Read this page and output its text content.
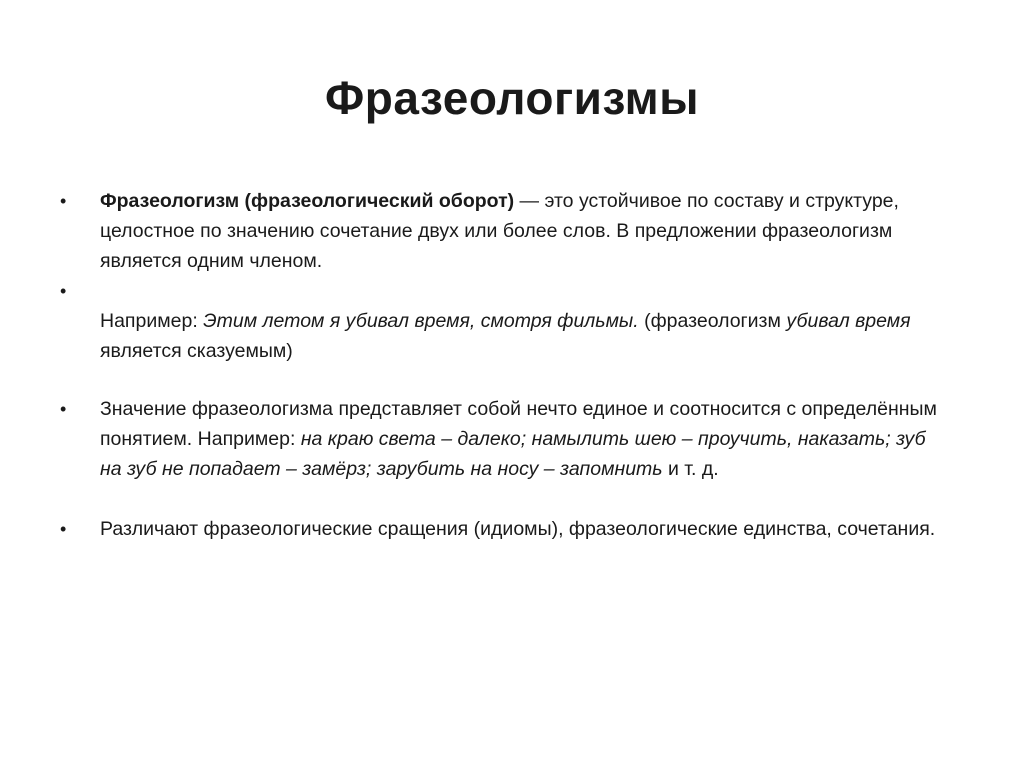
Фразеологизмы
•	Фразеологизм (фразеологический оборот) — это устойчивое по составу и структуре, целостное по значению сочетание двух или более слов. В предложении фразеологизм является одним членом.
•
Например: Этим летом я убивал время, смотря фильмы. (фразеологизм убивал время является сказуемым)
•	Значение фразеологизма представляет собой нечто единое и соотносится с определённым понятием. Например: на краю света – далеко; намылить шею – проучить, наказать; зуб на зуб не попадает – замёрз; зарубить на носу – запомнить и т. д.
•	Различают фразеологические сращения (идиомы), фразеологические единства, сочетания.
